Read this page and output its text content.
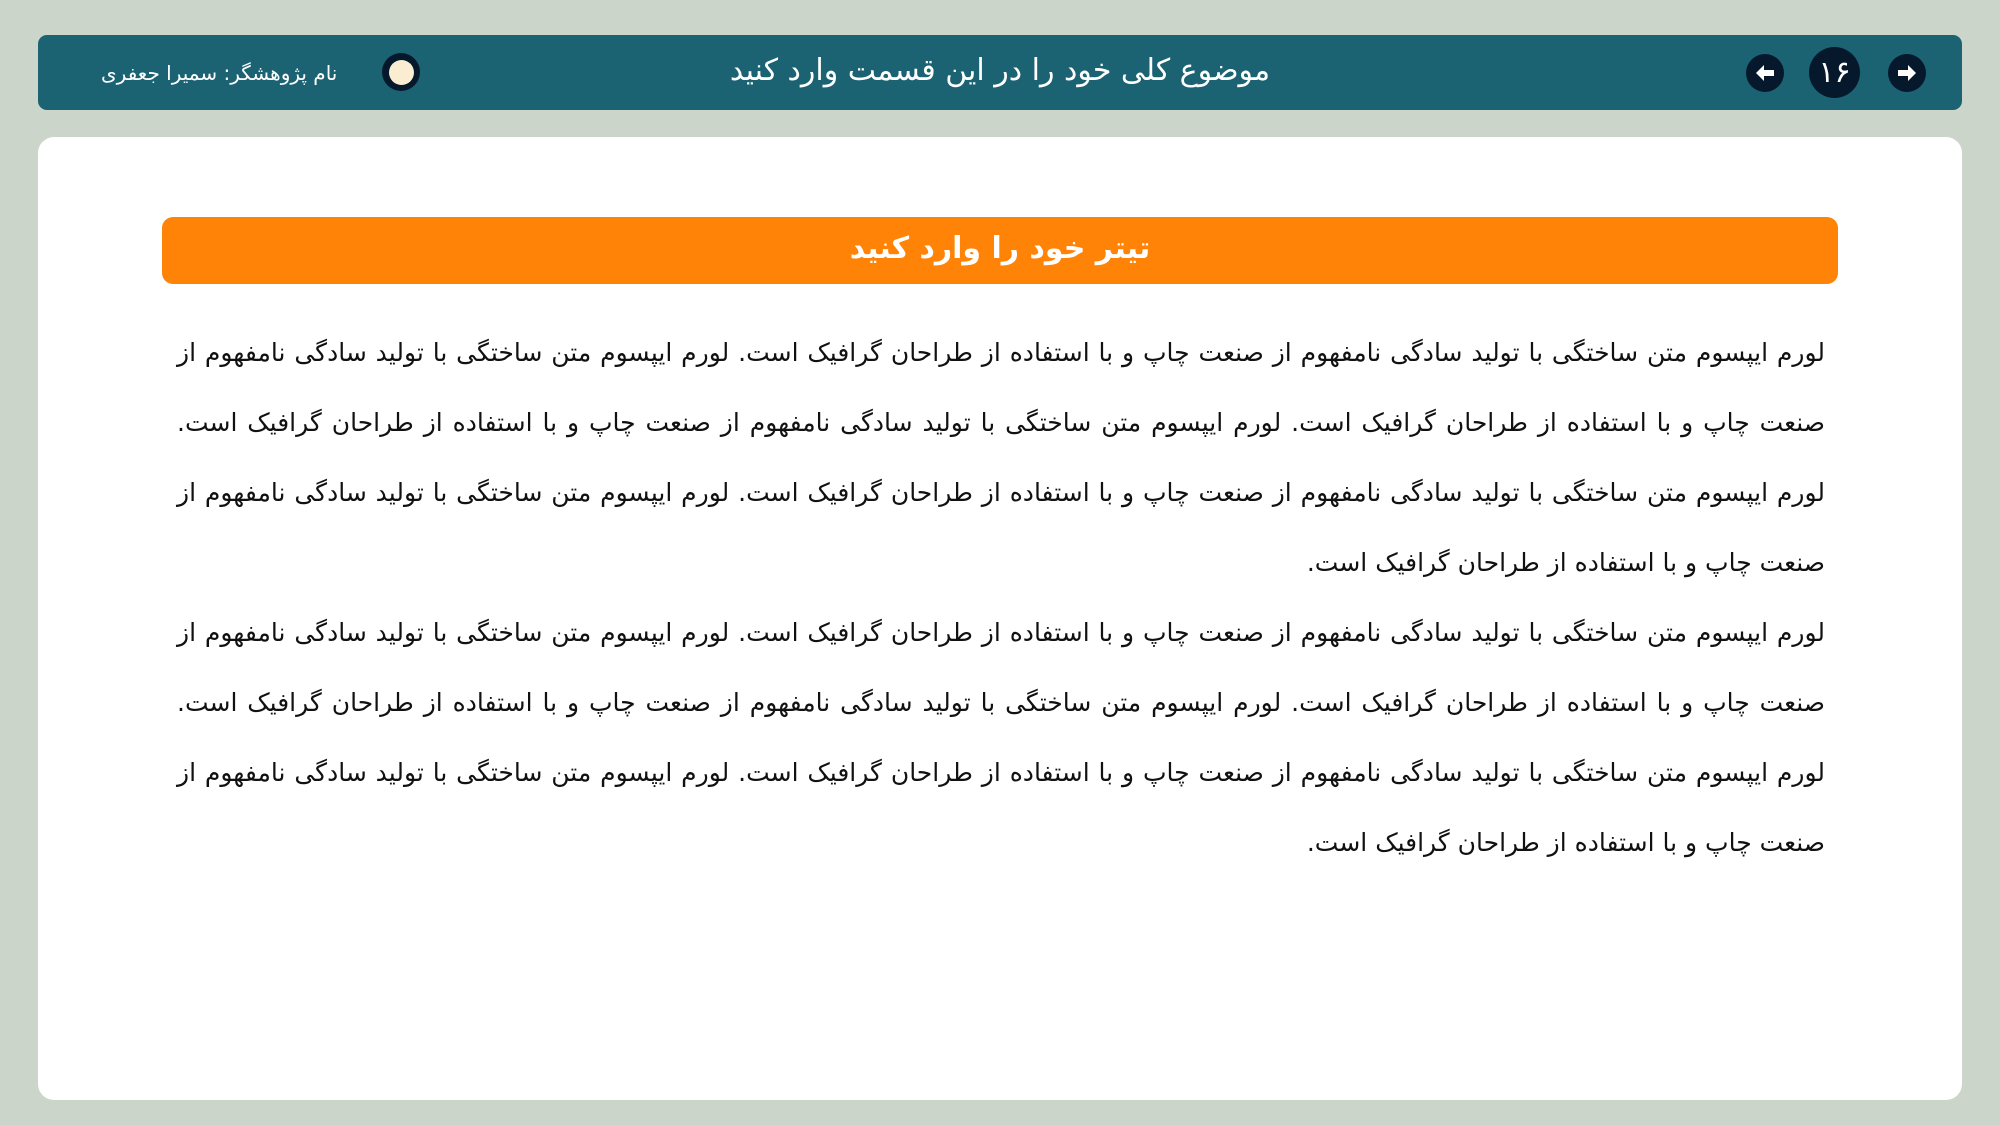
موضوع کلی خود را در این قسمت وارد کنید
نام پژوهشگر: سمیرا جعفری	۱۶
تیتر خود را وارد کنید

لورم ایپسوم متن ساختگی با تولید سادگی نامفهوم از صنعت چاپ و با استفاده از طراحان گرافیک است. لورم ایپسوم متن ساختگی با تولید سادگی نامفهوم از صنعت چاپ و با استفاده از طراحان گرافیک است. لورم ایپسوم متن ساختگی با تولید سادگی نامفهوم از صنعت چاپ و با استفاده از طراحان گرافیک است. لورم ایپسوم متن ساختگی با تولید سادگی نامفهوم از صنعت چاپ و با استفاده از طراحان گرافیک است. لورم ایپسوم متن ساختگی با تولید سادگی نامفهوم از صنعت چاپ و با استفاده از طراحان گرافیک است.

لورم ایپسوم متن ساختگی با تولید سادگی نامفهوم از صنعت چاپ و با استفاده از طراحان گرافیک است. لورم ایپسوم متن ساختگی با تولید سادگی نامفهوم از صنعت چاپ و با استفاده از طراحان گرافیک است. لورم ایپسوم متن ساختگی با تولید سادگی نامفهوم از صنعت چاپ و با استفاده از طراحان گرافیک است. لورم ایپسوم متن ساختگی با تولید سادگی نامفهوم از صنعت چاپ و با استفاده از طراحان گرافیک است. لورم ایپسوم متن ساختگی با تولید سادگی نامفهوم از صنعت چاپ و با استفاده از طراحان گرافیک است.
